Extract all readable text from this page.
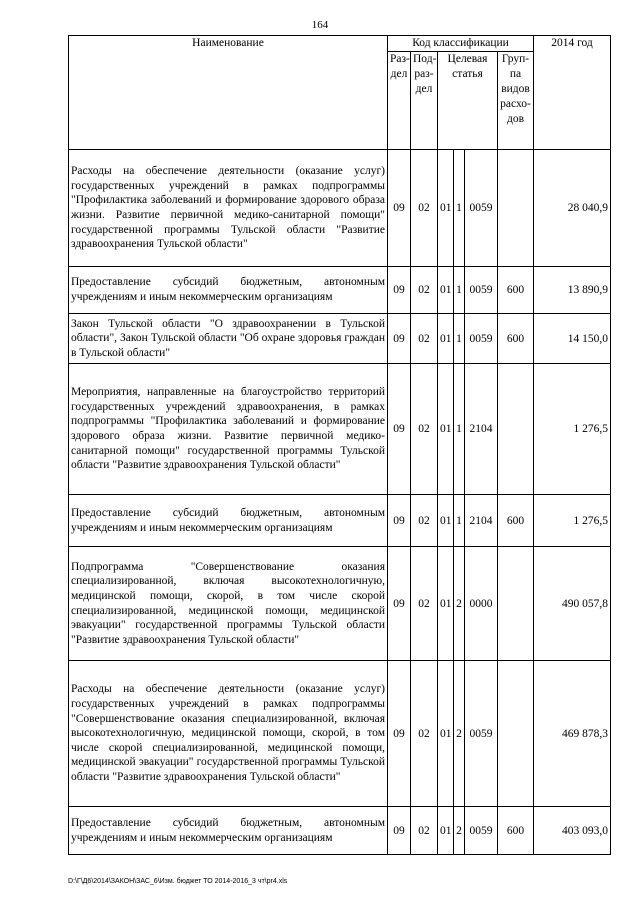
164
Наименование	Код классификации						2014 год
	Раз-дел	Под-раз-дел	Целевая статья			Груп-
па
видов
расхо-
дов	

Расходы на обеспечение деятельности (оказание услуг) государственных учреждений в рамках подпрограммы "Профилактика заболеваний и формирование здорового образа жизни. Развитие первичной медико-санитарной помощи" государственной программы Тульской области "Развитие здравоохранения Тульской области"	09	02	01	1	0059		28 040,9
Предоставление субсидий бюджетным, автономным учреждениям и иным некоммерческим организациям	09	02	01	1	0059	600	13 890,9
Закон Тульской области "О здравоохранении в Тульской области", Закон Тульской области "Об охране здоровья граждан в Тульской области"	09	02	01	1	0059	600	14 150,0
Мероприятия, направленные на благоустройство территорий государственных учреждений здравоохранения, в рамках подпрограммы "Профилактика заболеваний и формирование здорового образа жизни. Развитие первичной медико-санитарной помощи" государственной программы Тульской области "Развитие здравоохранения Тульской области"	09	02	01	1	2104		1 276,5
Предоставление субсидий бюджетным, автономным учреждениям и иным некоммерческим организациям	09	02	01	1	2104	600	1 276,5
Подпрограмма "Совершенствование оказания специализированной, включая высокотехнологичную, медицинской помощи, скорой, в том числе скорой специализированной, медицинской помощи, медицинской эвакуации" государственной программы Тульской области "Развитие здравоохранения Тульской области"	09	02	01	2	0000		490 057,8
Расходы на обеспечение деятельности (оказание услуг) государственных учреждений в рамках подпрограммы "Совершенствование оказания специализированной, включая высокотехнологичную, медицинской помощи, скорой, в том числе скорой специализированной, медицинской помощи, медицинской эвакуации" государственной программы Тульской области "Развитие здравоохранения Тульской области"	09	02	01	2	0059		469 878,3
Предоставление субсидий бюджетным, автономным учреждениям и иным некоммерческим организациям	09	02	01	2	0059	600	403 093,0
D:\Г\Д6\2014\ЗАКОН\ЗАС_6\Изм. бюджет ТО 2014-2016_3 чт\pr4.xls
